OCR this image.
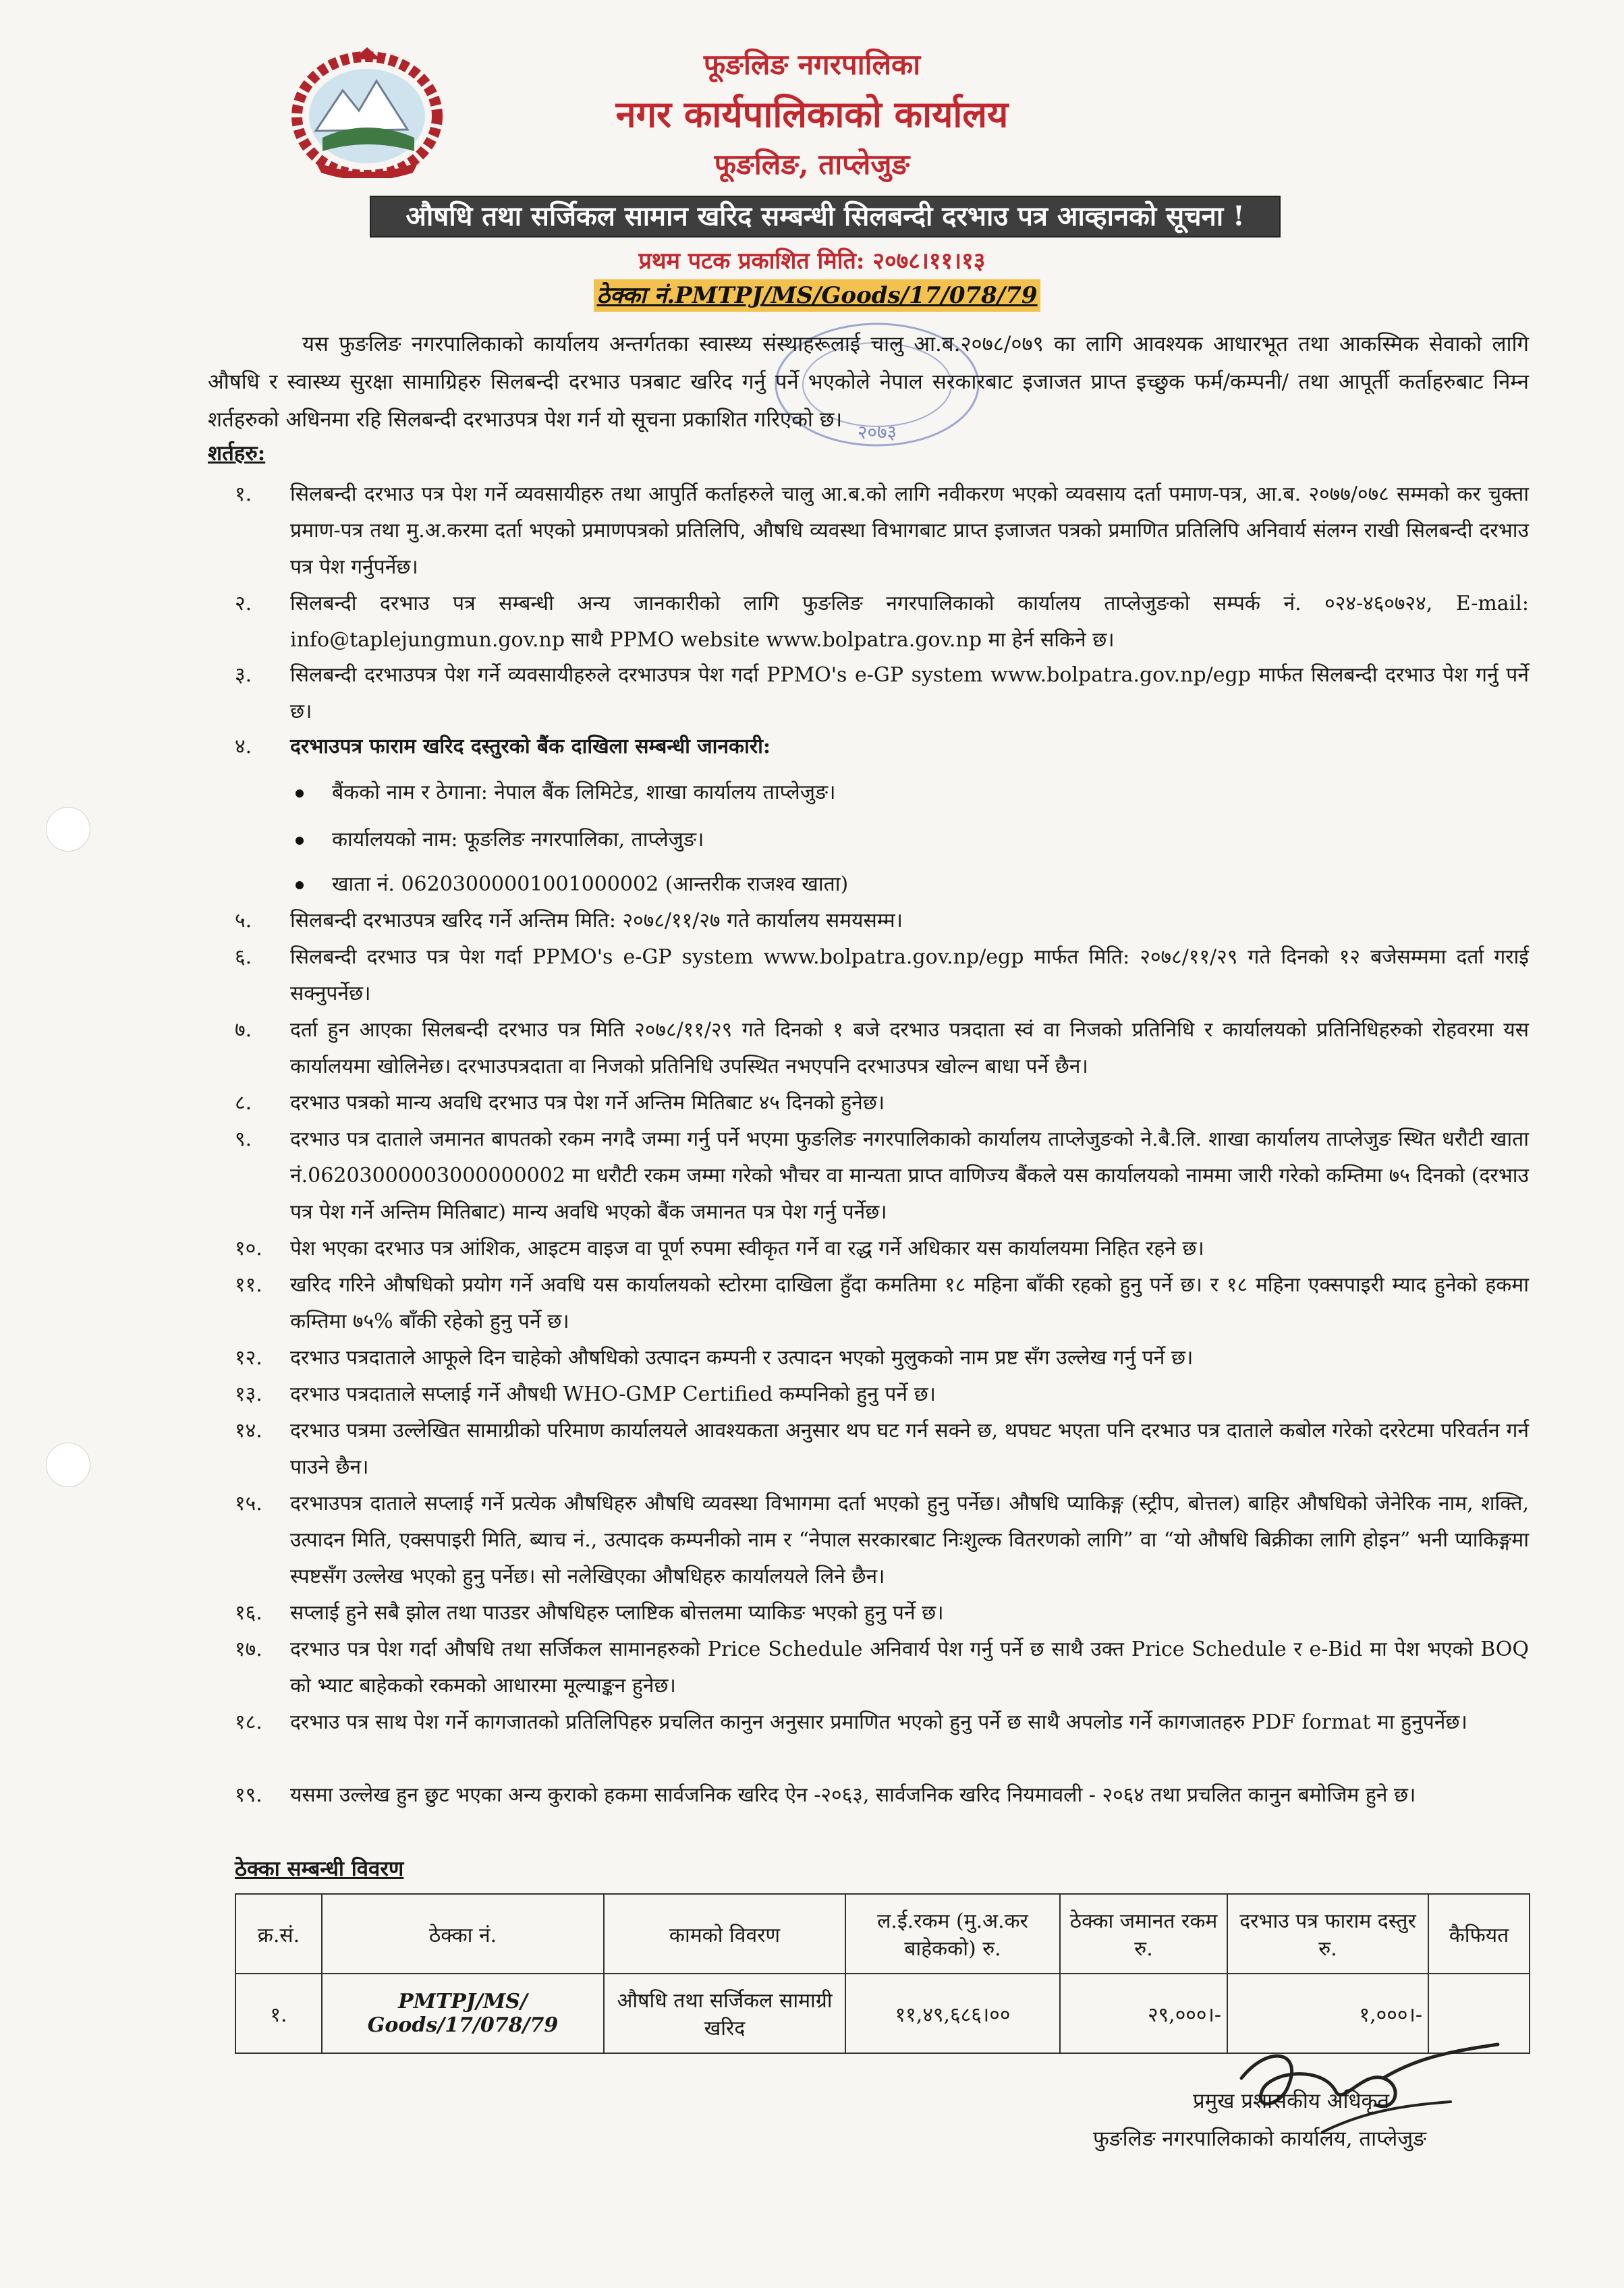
फूङलिङ नगरपालिका
नगर कार्यपालिकाको कार्यालय
फूङलिङ, ताप्लेजुङ
औषधि तथा सर्जिकल सामान खरिद सम्बन्धी सिलबन्दी दरभाउ पत्र आव्हानको सूचना !
प्रथम पटक प्रकाशित मिति: २०७८।११।१३
ठेक्का नं.PMTPJ/MS/Goods/17/078/79
२०७३
यस फुङलिङ नगरपालिकाको कार्यालय अन्तर्गतका स्वास्थ्य संस्थाहरूलाई चालु आ.ब.२०७८/०७९ का लागि आवश्यक आधारभूत तथा आकस्मिक सेवाको लागि औषधि र स्वास्थ्य सुरक्षा सामाग्रिहरु सिलबन्दी दरभाउ पत्रबाट खरिद गर्नु पर्ने भएकोले नेपाल सरकारबाट इजाजत प्राप्त इच्छुक फर्म/कम्पनी/ तथा आपूर्ती कर्ताहरुबाट निम्न शर्तहरुको अधिनमा रहि सिलबन्दी दरभाउपत्र पेश गर्न यो सूचना प्रकाशित गरिएको छ।
शर्तहरु:
१.	सिलबन्दी दरभाउ पत्र पेश गर्ने व्यवसायीहरु तथा आपुर्ति कर्ताहरुले चालु आ.ब.को लागि नवीकरण भएको व्यवसाय दर्ता पमाण-पत्र, आ.ब. २०७७/०७८ सम्मको कर चुक्ता प्रमाण-पत्र तथा मु.अ.करमा दर्ता भएको प्रमाणपत्रको प्रतिलिपि, औषधि व्यवस्था विभागबाट प्राप्त इजाजत पत्रको प्रमाणित प्रतिलिपि अनिवार्य संलग्न राखी सिलबन्दी दरभाउ पत्र पेश गर्नुपर्नेछ।
२.	सिलबन्दी दरभाउ पत्र सम्बन्धी अन्य जानकारीको लागि फुङलिङ नगरपालिकाको कार्यालय ताप्लेजुङको सम्पर्क नं. ०२४-४६०७२४, E-mail: info@taplejungmun.gov.np साथै PPMO website www.bolpatra.gov.np मा हेर्न सकिने छ।
३.	सिलबन्दी दरभाउपत्र पेश गर्ने व्यवसायीहरुले दरभाउपत्र पेश गर्दा PPMO's e-GP system www.bolpatra.gov.np/egp मार्फत सिलबन्दी दरभाउ पेश गर्नु पर्ने छ।
४.	दरभाउपत्र फाराम खरिद दस्तुरको बैंक दाखिला सम्बन्धी जानकारी:
बैंकको नाम र ठेगाना: नेपाल बैंक लिमिटेड, शाखा कार्यालय ताप्लेजुङ।
कार्यालयको नाम: फूङलिङ नगरपालिका, ताप्लेजुङ।
खाता नं. 06203000001001000002 (आन्तरीक राजश्व खाता)
५.	सिलबन्दी दरभाउपत्र खरिद गर्ने अन्तिम मिति: २०७८/११/२७ गते कार्यालय समयसम्म।
६.	सिलबन्दी दरभाउ पत्र पेश गर्दा PPMO's e-GP system www.bolpatra.gov.np/egp मार्फत मिति: २०७८/११/२९ गते दिनको १२ बजेसम्ममा दर्ता गराई सक्नुपर्नेछ।
७.	दर्ता हुन आएका सिलबन्दी दरभाउ पत्र मिति २०७८/११/२९ गते दिनको १ बजे दरभाउ पत्रदाता स्वं वा निजको प्रतिनिधि र कार्यालयको प्रतिनिधिहरुको रोहवरमा यस कार्यालयमा खोलिनेछ। दरभाउपत्रदाता वा निजको प्रतिनिधि उपस्थित नभएपनि दरभाउपत्र खोल्न बाधा पर्ने छैन।
८.	दरभाउ पत्रको मान्य अवधि दरभाउ पत्र पेश गर्ने अन्तिम मितिबाट ४५ दिनको हुनेछ।
९.	दरभाउ पत्र दाताले जमानत बापतको रकम नगदै जम्मा गर्नु पर्ने भएमा फुङलिङ नगरपालिकाको कार्यालय ताप्लेजुङको ने.बै.लि. शाखा कार्यालय ताप्लेजुङ स्थित धरौटी खाता नं.06203000003000000002 मा धरौटी रकम जम्मा गरेको भौचर वा मान्यता प्राप्त वाणिज्य बैंकले यस कार्यालयको नाममा जारी गरेको कम्तिमा ७५ दिनको (दरभाउ पत्र पेश गर्ने अन्तिम मितिबाट) मान्य अवधि भएको बैंक जमानत पत्र पेश गर्नु पर्नेछ।
१०.	पेश भएका दरभाउ पत्र आंशिक, आइटम वाइज वा पूर्ण रुपमा स्वीकृत गर्ने वा रद्ध गर्ने अधिकार यस कार्यालयमा निहित रहने छ।
११.	खरिद गरिने औषधिको प्रयोग गर्ने अवधि यस कार्यालयको स्टोरमा दाखिला हुँदा कमतिमा १८ महिना बाँकी रहको हुनु पर्ने छ। र १८ महिना एक्सपाइरी म्याद हुनेको हकमा कम्तिमा ७५% बाँकी रहेको हुनु पर्ने छ।
१२.	दरभाउ पत्रदाताले आफूले दिन चाहेको औषधिको उत्पादन कम्पनी र उत्पादन भएको मुलुकको नाम प्रष्ट सँग उल्लेख गर्नु पर्ने छ।
१३.	दरभाउ पत्रदाताले सप्लाई गर्ने औषधी WHO-GMP Certified कम्पनिको हुनु पर्ने छ।
१४.	दरभाउ पत्रमा उल्लेखित सामाग्रीको परिमाण कार्यालयले आवश्यकता अनुसार थप घट गर्न सक्ने छ, थपघट भएता पनि दरभाउ पत्र दाताले कबोल गरेको दररेटमा परिवर्तन गर्न पाउने छैन।
१५.	दरभाउपत्र दाताले सप्लाई गर्ने प्रत्येक औषधिहरु औषधि व्यवस्था विभागमा दर्ता भएको हुनु पर्नेछ। औषधि प्याकिङ्ग (स्ट्रीप, बोत्तल) बाहिर औषधिको जेनेरिक नाम, शक्ति, उत्पादन मिति, एक्सपाइरी मिति, ब्याच नं., उत्पादक कम्पनीको नाम र “नेपाल सरकारबाट निःशुल्क वितरणको लागि” वा “यो औषधि बिक्रीका लागि होइन” भनी प्याकिङ्गमा स्पष्टसँग उल्लेख भएको हुनु पर्नेछ। सो नलेखिएका औषधिहरु कार्यालयले लिने छैन।
१६.	सप्लाई हुने सबै झोल तथा पाउडर औषधिहरु प्लाष्टिक बोत्तलमा प्याकिङ भएको हुनु पर्ने छ।
१७.	दरभाउ पत्र पेश गर्दा औषधि तथा सर्जिकल सामानहरुको Price Schedule अनिवार्य पेश गर्नु पर्ने छ साथै उक्त Price Schedule र e-Bid मा पेश भएको BOQ को भ्याट बाहेकको रकमको आधारमा मूल्याङ्कन हुनेछ।
१८.	दरभाउ पत्र साथ पेश गर्ने कागजातको प्रतिलिपिहरु प्रचलित कानुन अनुसार प्रमाणित भएको हुनु पर्ने छ साथै अपलोड गर्ने कागजातहरु PDF format मा हुनुपर्नेछ।
१९.	यसमा उल्लेख हुन छुट भएका अन्य कुराको हकमा सार्वजनिक खरिद ऐन -२०६३, सार्वजनिक खरिद नियमावली - २०६४ तथा प्रचलित कानुन बमोजिम हुने छ।
ठेक्का सम्बन्धी विवरण
क्र.सं.	ठेक्का नं.	कामको विवरण	ल.ई.रकम (मु.अ.कर बाहेकको) रु.	ठेक्का जमानत रकम रु.	दरभाउ पत्र फाराम दस्तुर रु.	कैफियत
१.	PMTPJ/MS/ Goods/17/078/79	औषधि तथा सर्जिकल सामाग्री खरिद	११,४९,६८६।००	२९,०००।-	१,०००।-	
प्रमुख प्रशासकीय अधिकृत
फुङलिङ नगरपालिकाको कार्यालय, ताप्लेजुङ
